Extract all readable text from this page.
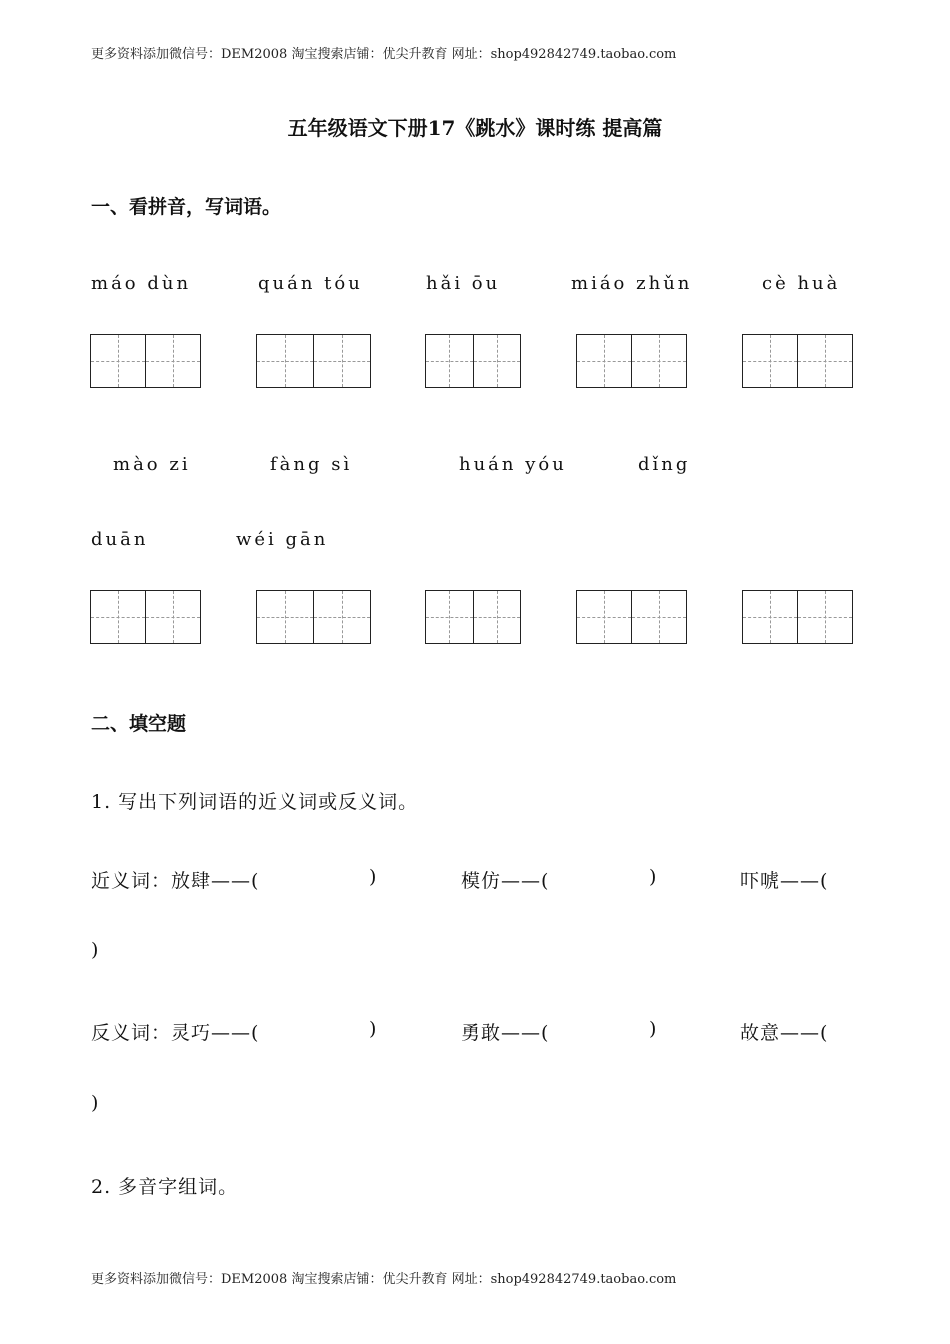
更多资料添加微信号：DEM2008 淘宝搜索店铺：优尖升教育 网址：shop492842749.taobao.com
五年级语文下册17《跳水》课时练 提高篇
一、看拼音，写词语。
máo dùn	quán tóu	hǎi ōu	miáo zhǔn	cè huà
mào zi	fàng sì	huán yóu	dǐng
duān	wéi gān
二、填空题
1. 写出下列词语的近义词或反义词。
近义词：放肆——(	)	模仿——(	)	吓唬——(
)
反义词：灵巧——(	)	勇敢——(	)	故意——(
)
2. 多音字组词。
更多资料添加微信号：DEM2008 淘宝搜索店铺：优尖升教育 网址：shop492842749.taobao.com
